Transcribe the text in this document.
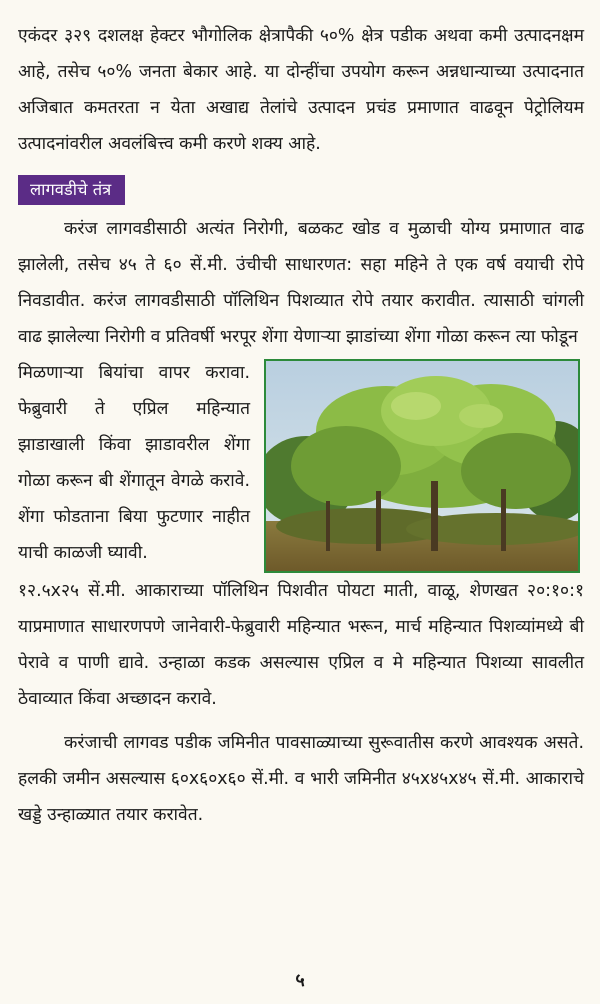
एकंदर ३२९ दशलक्ष हेक्टर भौगोलिक क्षेत्रापैकी ५०% क्षेत्र पडीक अथवा कमी उत्पादनक्षम आहे, तसेच ५०% जनता बेकार आहे. या दोन्हींचा उपयोग करून अन्नधान्याच्या उत्पादनात अजिबात कमतरता न येता अखाद्य तेलांचे उत्पादन प्रचंड प्रमाणात वाढवून पेट्रोलियम उत्पादनांवरील अवलंबित्त्व कमी करणे शक्य आहे.

लागवडीचे तंत्र

करंज लागवडीसाठी अत्यंत निरोगी, बळकट खोड व मुळाची योग्य प्रमाणात वाढ झालेली, तसेच ४५ ते ६० सें.मी. उंचीची साधारणत: सहा महिने ते एक वर्ष वयाची रोपे निवडावीत. करंज लागवडीसाठी पॉलिथिन पिशव्यात रोपे तयार करावीत. त्यासाठी चांगली वाढ झालेल्या निरोगी व प्रतिवर्षी भरपूर शेंगा येणाऱ्या झाडांच्या शेंगा गोळा करून त्या फोडून

मिळणाऱ्या बियांचा वापर करावा. फेब्रुवारी ते एप्रिल महिन्यात झाडाखाली किंवा झाडावरील शेंगा गोळा करून बी शेंगातून वेगळे करावे. शेंगा फोडताना बिया फुटणार नाहीत याची काळजी घ्यावी.

१२.५x२५ सें.मी. आकाराच्या पॉलिथिन पिशवीत पोयटा माती, वाळू, शेणखत २०:१०:१ याप्रमाणात साधारणपणे जानेवारी-फेब्रुवारी महिन्यात भरून, मार्च महिन्यात पिशव्यांमध्ये बी पेरावे व पाणी द्यावे. उन्हाळा कडक असल्यास एप्रिल व मे महिन्यात पिशव्या सावलीत ठेवाव्यात किंवा अच्छादन करावे.

करंजाची लागवड पडीक जमिनीत पावसाळ्याच्या सुरूवातीस करणे आवश्यक असते. हलकी जमीन असल्यास ६०x६०x६० सें.मी. व भारी जमिनीत ४५x४५x४५ सें.मी. आकाराचे खड्डे उन्हाळ्यात तयार करावेत.

५
